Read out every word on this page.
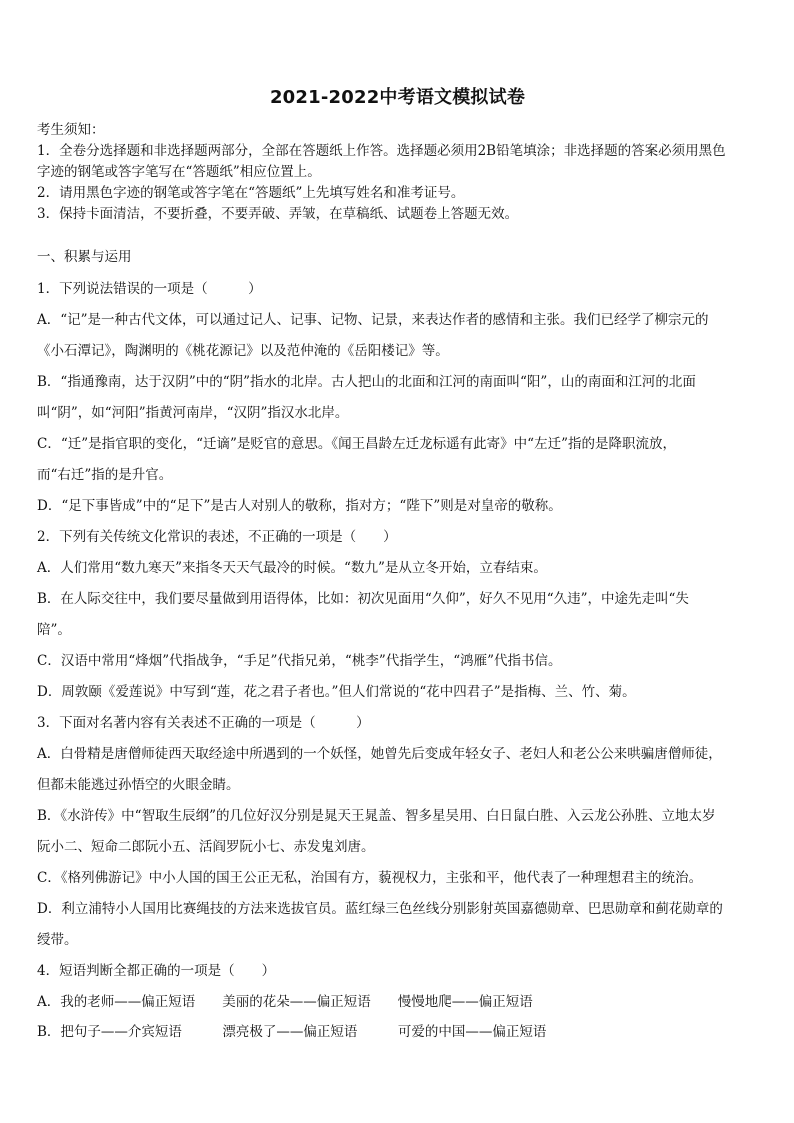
2021-2022中考语文模拟试卷

考生须知：

1．全卷分选择题和非选择题两部分，全部在答题纸上作答。选择题必须用2B铅笔填涂；非选择题的答案必须用黑色

字迹的钢笔或答字笔写在“答题纸”相应位置上。

2．请用黑色字迹的钢笔或答字笔在“答题纸”上先填写姓名和准考证号。

3．保持卡面清洁，不要折叠，不要弄破、弄皱，在草稿纸、试题卷上答题无效。

一、积累与运用

1．下列说法错误的一项是（　　　）

A．“记”是一种古代文体，可以通过记人、记事、记物、记景，来表达作者的感情和主张。我们已经学了柳宗元的

《小石潭记》，陶渊明的《桃花源记》以及范仲淹的《岳阳楼记》等。

B．“指通豫南，达于汉阴”中的“阴”指水的北岸。古人把山的北面和江河的南面叫“阳”，山的南面和江河的北面

叫“阴”，如“河阳”指黄河南岸，“汉阴”指汉水北岸。

C．“迁”是指官职的变化，“迁谪”是贬官的意思。《闻王昌龄左迁龙标遥有此寄》中“左迁”指的是降职流放，

而“右迁”指的是升官。

D．“足下事皆成”中的“足下”是古人对别人的敬称，指对方；“陛下”则是对皇帝的敬称。

2．下列有关传统文化常识的表述，不正确的一项是（　　）

A．人们常用“数九寒天”来指冬天天气最冷的时候。“数九”是从立冬开始，立春结束。

B．在人际交往中，我们要尽量做到用语得体，比如：初次见面用“久仰”，好久不见用“久违”，中途先走叫“失

陪”。

C．汉语中常用“烽烟”代指战争，“手足”代指兄弟，“桃李”代指学生，“鸿雁”代指书信。

D．周敦颐《爱莲说》中写到“莲，花之君子者也。”但人们常说的“花中四君子”是指梅、兰、竹、菊。

3．下面对名著内容有关表述不正确的一项是（　　　）

A．白骨精是唐僧师徒西天取经途中所遇到的一个妖怪，她曾先后变成年轻女子、老妇人和老公公来哄骗唐僧师徒，

但都未能逃过孙悟空的火眼金睛。

B．《水浒传》中“智取生辰纲”的几位好汉分别是晁天王晁盖、智多星吴用、白日鼠白胜、入云龙公孙胜、立地太岁

阮小二、短命二郎阮小五、活阎罗阮小七、赤发鬼刘唐。

C．《格列佛游记》中小人国的国王公正无私，治国有方，藐视权力，主张和平，他代表了一种理想君主的统治。

D．利立浦特小人国用比赛绳技的方法来选拔官员。蓝红绿三色丝线分别影射英国嘉德勋章、巴思勋章和蓟花勋章的

绶带。

4．短语判断全都正确的一项是（　　）

A．我的老师——偏正短语　　美丽的花朵——偏正短语　　慢慢地爬——偏正短语

B．把句子——介宾短语　　　漂亮极了——偏正短语　　　可爱的中国——偏正短语
